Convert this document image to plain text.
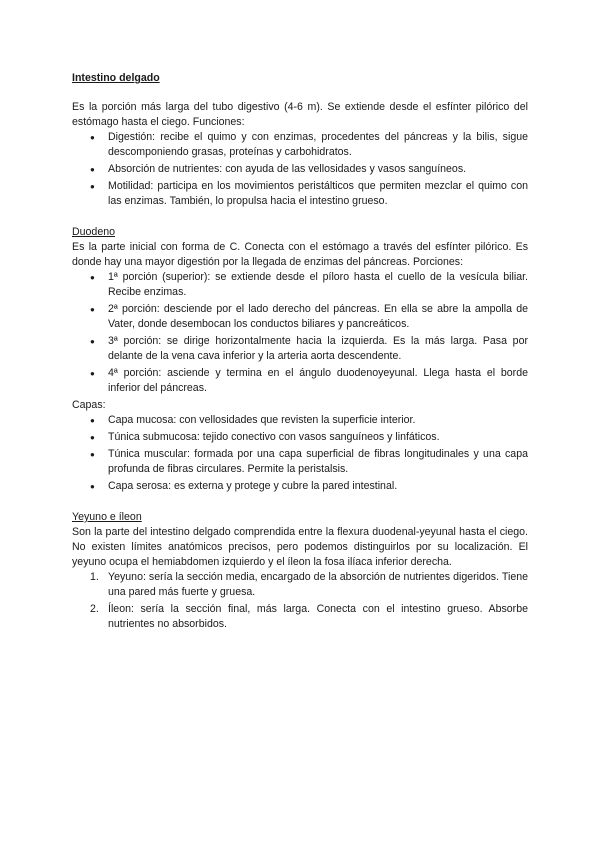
Intestino delgado

Es la porción más larga del tubo digestivo (4-6 m). Se extiende desde el esfínter pilórico del estómago hasta el ciego. Funciones:

● Digestión: recibe el quimo y con enzimas, procedentes del páncreas y la bilis, sigue descomponiendo grasas, proteínas y carbohidratos.
● Absorción de nutrientes: con ayuda de las vellosidades y vasos sanguíneos.
● Motilidad: participa en los movimientos peristálticos que permiten mezclar el quimo con las enzimas. También, lo propulsa hacia el intestino grueso.

Duodeno

Es la parte inicial con forma de C. Conecta con el estómago a través del esfínter pilórico. Es donde hay una mayor digestión por la llegada de enzimas del páncreas. Porciones:

● 1ª porción (superior): se extiende desde el píloro hasta el cuello de la vesícula biliar. Recibe enzimas.
● 2ª porción: desciende por el lado derecho del páncreas. En ella se abre la ampolla de Vater, donde desembocan los conductos biliares y pancreáticos.
● 3ª porción: se dirige horizontalmente hacia la izquierda. Es la más larga. Pasa por delante de la vena cava inferior y la arteria aorta descendente.
● 4ª porción: asciende y termina en el ángulo duodenoyeyunal. Llega hasta el borde inferior del páncreas.

Capas:

● Capa mucosa: con vellosidades que revisten la superficie interior.
● Túnica submucosa: tejido conectivo con vasos sanguíneos y linfáticos.
● Túnica muscular: formada por una capa superficial de fibras longitudinales y una capa profunda de fibras circulares. Permite la peristalsis.
● Capa serosa: es externa y protege y cubre la pared intestinal.

Yeyuno e íleon

Son la parte del intestino delgado comprendida entre la flexura duodenal-yeyunal hasta el ciego. No existen límites anatómicos precisos, pero podemos distinguirlos por su localización. El yeyuno ocupa el hemiabdomen izquierdo y el íleon la fosa ilíaca inferior derecha.

1. Yeyuno: sería la sección media, encargado de la absorción de nutrientes digeridos. Tiene una pared más fuerte y gruesa.
2. Íleon: sería la sección final, más larga. Conecta con el intestino grueso. Absorbe nutrientes no absorbidos.
